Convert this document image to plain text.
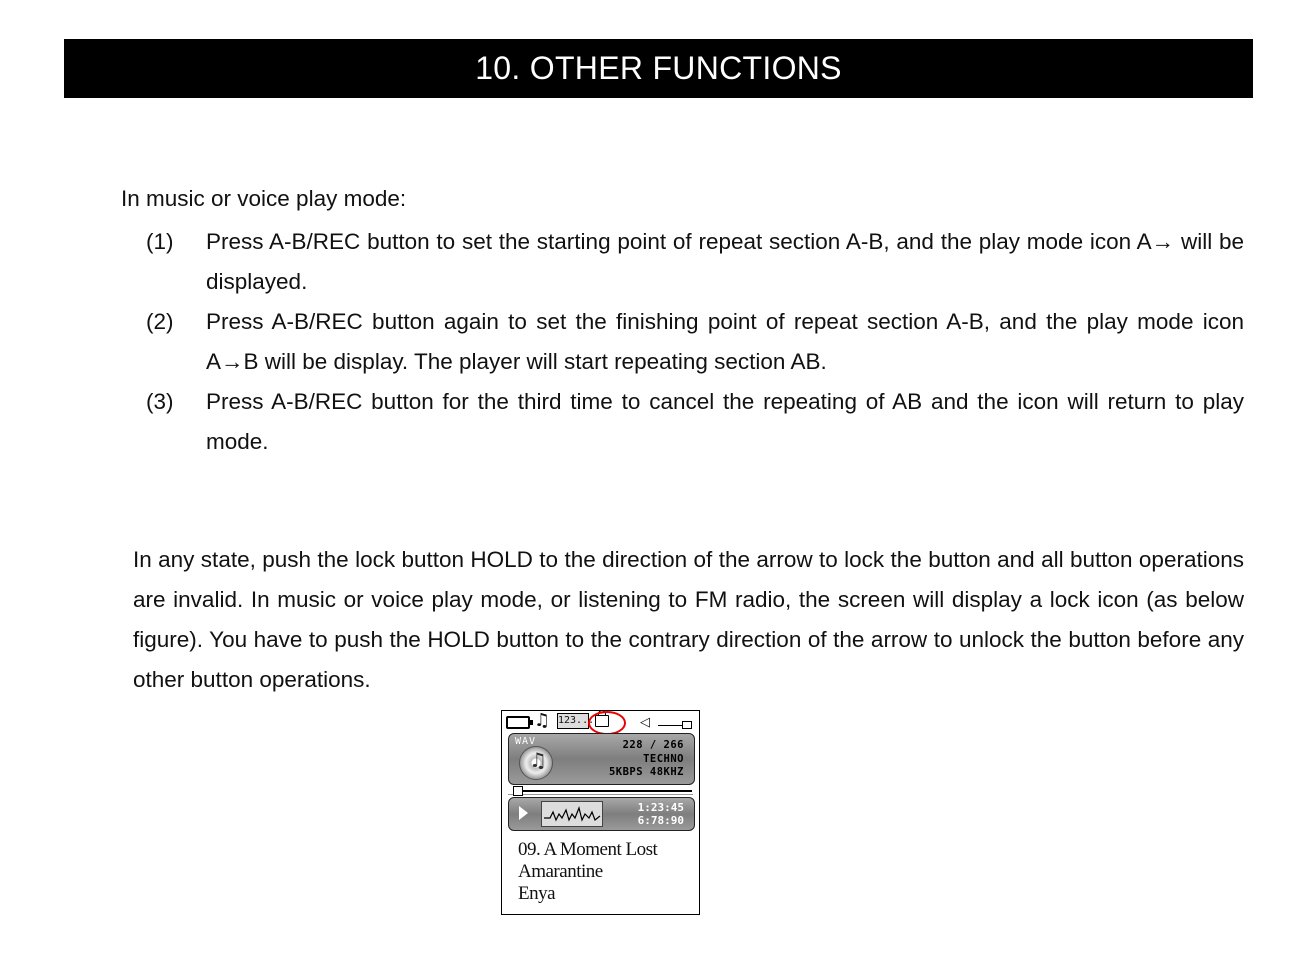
10. OTHER FUNCTIONS
In music or voice play mode:
(1)	Press A-B/REC button to set the starting point of repeat section A-B, and the play mode icon A→ will be displayed.
(2)	Press A-B/REC button again to set the finishing point of repeat section A-B, and the play mode icon A→B will be display. The player will start repeating section AB.
(3)	Press A-B/REC button for the third time to cancel the repeating of AB and the icon will return to play mode.
In any state, push the lock button HOLD to the direction of the arrow to lock the button and all button operations are invalid. In music or voice play mode, or listening to FM radio, the screen will display a lock icon (as below figure). You have to push the HOLD button to the contrary direction of the arrow to unlock the button before any other button operations.
♫ 123...	◁
WAV
♫
228 / 266
TECHNO
5KBPS 48KHZ
1:23:45
6:78:90
09. A Moment Lost
Amarantine
Enya
